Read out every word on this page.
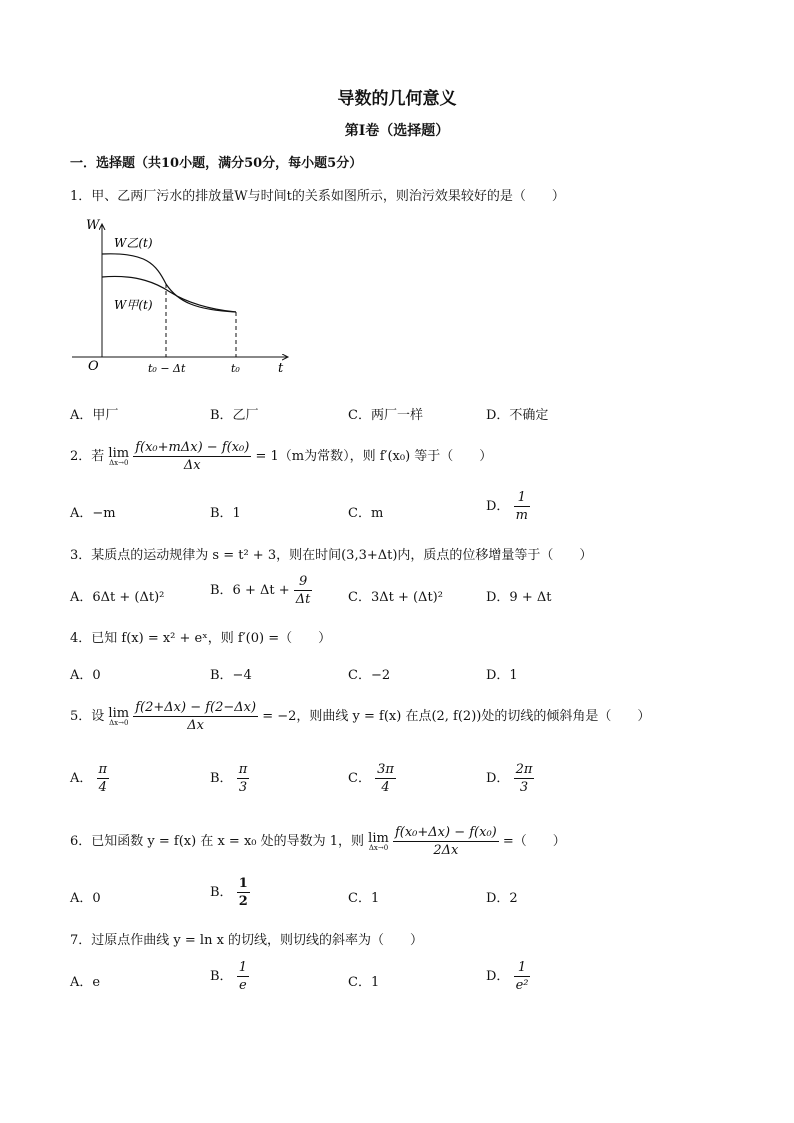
导数的几何意义
第Ⅰ卷（选择题）
一．选择题（共10小题，满分50分，每小题5分）
1．甲、乙两厂污水的排放量W与时间t的关系如图所示，则治污效果较好的是（　　）
W
O	t
W乙(t)
W甲(t)
t₀ − Δt	t₀
A．甲厂	B．乙厂	C．两厂一样	D．不确定
2．若 lim
Δx→0
$\frac{\text{f(x₀+mΔx) − f(x₀)}}{\Delta x} = 1(m$为常数），则 f′(x₀) 等于（　　）
A．−m	B．1	C．m	D． $\frac{1}{m}$
3．某质点的运动规律为 s = t² + 3，则在时间(3,3+Δt)内，质点的位移增量等于（　　）
A．6Δt + (Δt)²	B．$6 + \Delta t + \frac{9}{\Delta t}$	C．3Δt + (Δt)²	D．9 + Δt
4．已知 f(x) = x² + eˣ，则 f′(0) =（　　）
A．0	B．−4	C．−2	D．1
5．设 lim
Δx→0
$\frac{f(2+\Delta x) - f(2-\Delta x)}{\Delta x} = -2$，则曲线 y = f(x) 在点(2, f(2))处的切线的倾斜角是（　　）
A． $\frac{\pi}{4}$	B． $\frac{\pi}{3}$	C． $\frac{3\pi}{4}$	D． $\frac{2\pi}{3}$
6．已知函数 y = f(x) 在 x = x₀ 处的导数为 1，则 lim
Δx→0
$\frac{\text{f(x₀+Δx) − f(x₀)}}{2\Delta x}$ =（　　）
A．0	B． $\frac{1}{2}$	C．1	D．2
7．过原点作曲线 y = ln x 的切线，则切线的斜率为（　　）
A．e	B． $\frac{1}{e}$	C．1	D． $\frac{1}{\text{e²}}$
